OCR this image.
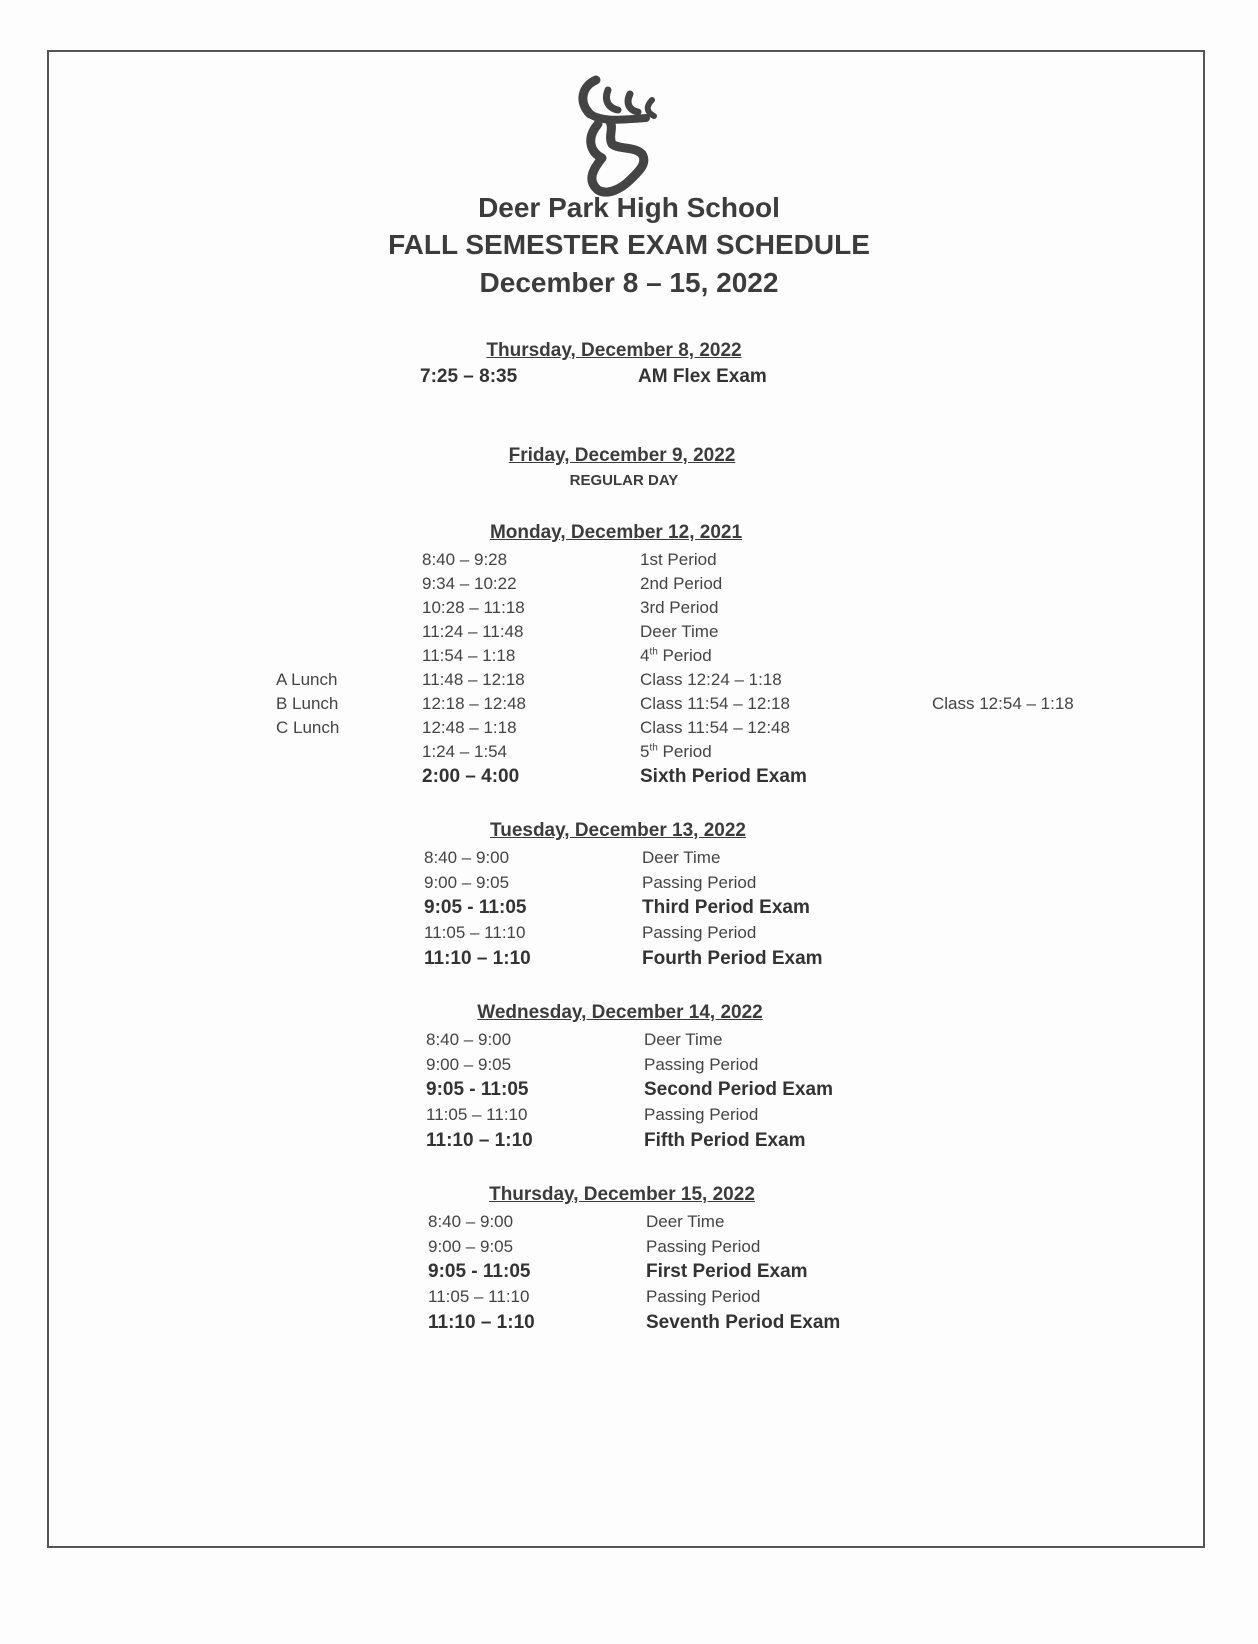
Deer Park High School
FALL SEMESTER EXAM SCHEDULE
December 8 – 15, 2022
Thursday, December 8, 2022
7:25 – 8:35	AM Flex Exam
Friday, December 9, 2022
REGULAR DAY
Monday, December 12, 2021
8:40 – 9:28	1st Period
9:34 – 10:22	2nd Period
10:28 – 11:18	3rd Period
11:24 – 11:48	Deer Time
11:54 – 1:18	4th Period
A Lunch	11:48 – 12:18	Class 12:24 – 1:18
B Lunch	12:18 – 12:48	Class 11:54 – 12:18	Class 12:54 – 1:18
C Lunch	12:48 – 1:18	Class 11:54 – 12:48
1:24 – 1:54	5th Period
2:00 – 4:00	Sixth Period Exam
Tuesday, December 13, 2022
8:40 – 9:00	Deer Time
9:00 – 9:05	Passing Period
9:05 - 11:05	Third Period Exam
11:05 – 11:10	Passing Period
11:10 – 1:10	Fourth Period Exam
Wednesday, December 14, 2022
8:40 – 9:00	Deer Time
9:00 – 9:05	Passing Period
9:05 - 11:05	Second Period Exam
11:05 – 11:10	Passing Period
11:10 – 1:10	Fifth Period Exam
Thursday, December 15, 2022
8:40 – 9:00	Deer Time
9:00 – 9:05	Passing Period
9:05 - 11:05	First Period Exam
11:05 – 11:10	Passing Period
11:10 – 1:10	Seventh Period Exam
